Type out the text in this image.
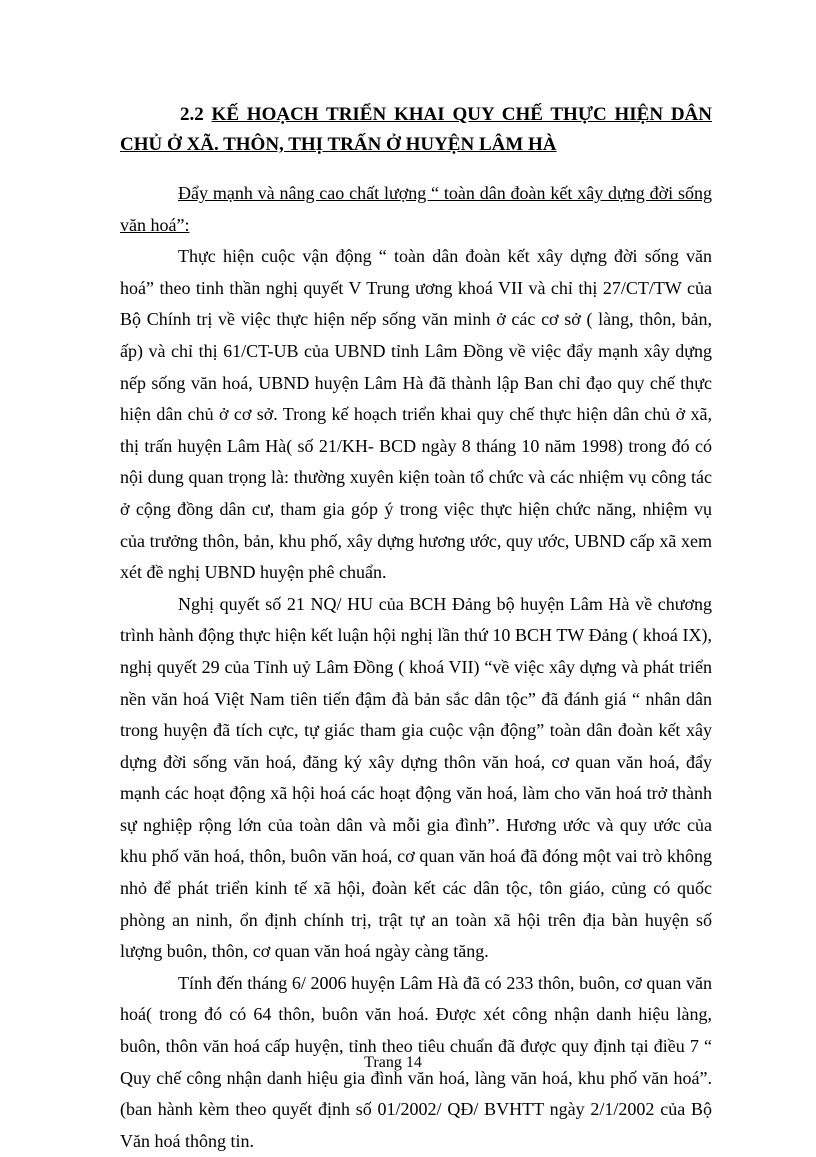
2.2 KẾ HOẠCH TRIỂN KHAI QUY CHẾ THỰC HIỆN DÂN CHỦ Ở XÃ. THÔN, THỊ TRẤN Ở HUYỆN LÂM HÀ

Đẩy mạnh và nâng cao chất lượng “ toàn dân đoàn kết xây dựng đời sống văn hoá”:

Thực hiện cuộc vận động “ toàn dân đoàn kết xây dựng đời sống văn hoá” theo tinh thần nghị quyết V Trung ương khoá VII và chỉ thị 27/CT/TW của Bộ Chính trị về việc thực hiện nếp sống văn minh ở các cơ sở ( làng, thôn, bản, ấp) và chỉ thị 61/CT-UB của UBND tỉnh Lâm Đồng về việc đẩy mạnh xây dựng nếp sống văn hoá, UBND huyện Lâm Hà đã thành lập Ban chỉ đạo quy chế thực hiện dân chủ ở cơ sở. Trong kế hoạch triển khai quy chế thực hiện dân chủ ở xã, thị trấn huyện Lâm Hà( số 21/KH- BCD ngày 8 tháng 10 năm 1998) trong đó có nội dung quan trọng là: thường xuyên kiện toàn tổ chức và các nhiệm vụ công tác ở cộng đồng dân cư, tham gia góp ý trong việc thực hiện chức năng, nhiệm vụ của trưởng thôn, bản, khu phố, xây dựng hương ước, quy ước, UBND cấp xã xem xét đề nghị UBND huyện phê chuẩn.

Nghị quyết số 21 NQ/ HU của BCH Đảng bộ huyện Lâm Hà về chương trình hành động thực hiện kết luận hội nghị lần thứ 10 BCH TW Đảng ( khoá IX), nghị quyết 29 của Tỉnh uỷ Lâm Đồng ( khoá VII) “về việc xây dựng và phát triển nền văn hoá Việt Nam tiên tiến đậm đà bản sắc dân tộc” đã đánh giá “ nhân dân trong huyện đã tích cực, tự giác tham gia cuộc vận động” toàn dân đoàn kết xây dựng đời sống văn hoá, đăng ký xây dựng thôn văn hoá, cơ quan văn hoá, đẩy mạnh các hoạt động xã hội hoá các hoạt động văn hoá, làm cho văn hoá trở thành sự nghiệp rộng lớn của toàn dân và mỗi gia đình”. Hương ước và quy ước của khu phố văn hoá, thôn, buôn văn hoá, cơ quan văn hoá đã đóng một vai trò không nhỏ để phát triển kinh tế xã hội, đoàn kết các dân tộc, tôn giáo, củng có quốc phòng an ninh, ổn định chính trị, trật tự an toàn xã hội trên địa bàn huyện số lượng buôn, thôn, cơ quan văn hoá ngày càng tăng.

Tính đến tháng 6/ 2006 huyện Lâm Hà đã có 233 thôn, buôn, cơ quan văn hoá( trong đó có 64 thôn, buôn văn hoá. Được xét công nhận danh hiệu làng, buôn, thôn văn hoá cấp huyện, tỉnh theo tiêu chuẩn đã được quy định tại điều 7 “ Quy chế công nhận danh hiệu gia đình văn hoá, làng văn hoá, khu phố văn hoá”. (ban hành kèm theo quyết định số 01/2002/ QĐ/ BVHTT ngày 2/1/2002 của Bộ Văn hoá thông tin.

Trang 14
